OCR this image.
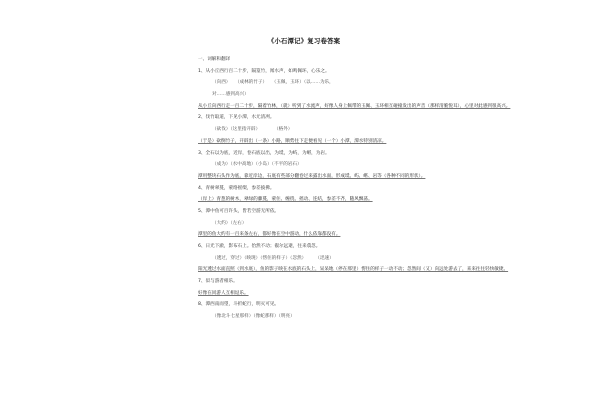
《小石潭记》复习卷答案
一、词解和翻译
1、从小丘西行百二十步，隔篁竹，闻水声，如鸣佩环，心乐之。
（向西）　　（成林的竹子）　　（玉佩，玉环）（以……为乐，
对……感到高兴）
从小丘向西行走一百二十步，隔着竹林，（就）听到了水流声，好像人身上佩带的玉佩、玉环相互碰撞发出的声音（那样清脆悦耳），心里对此感到很高兴。
2、伐竹取道，下见小潭，水尤清冽。
（砍伐）（这里指开辟）　　　　（格外）
（于是）砍倒竹子，开辟出（一条）小路，顺势往下走便看见（一个）小潭，潭水特别清凉。
3、全石以为底，近岸，卷石底以出，为坻，为屿，为嵁，为岩。
（成为）（水中高地）（小岛）（不平的岩石）
潭用整块石头作为底，靠近岸边，石底有些部分翻卷过来露出水面，形成坻、屿、嵁、岩等（各种不同的形状）。
4、青树翠蔓，蒙络摇缀，参差披拂。
（岸上）青葱的树木，翠绿的藤蔓，蒙住、缠绕、摇动、连结，参差不齐，随风飘荡。
5、潭中鱼可百许头，皆若空游无所依。
（大约）（左右）
潭里的鱼大约有一百来条左右，都好像在空中游动，什么依靠都没有。
6、日光下澈，影布石上。佁然不动；俶尔远逝，往来翕忽。
（透过，穿过）（映现）（愣住的样子）（忽然）　　　（迅速）
阳光透过水面直照（到水底），鱼的影子映在水底的石头上，呆呆地（停在那里）愣住的样子一动不动；忽然间（又）向远处游去了，来来往往轻快敏捷。
7、似与游者相乐。
好像在同游人互相逗乐。
8、潭西南而望，斗折蛇行，明灭可见。
（像北斗七星那样）（像蛇那样）（明亮）
